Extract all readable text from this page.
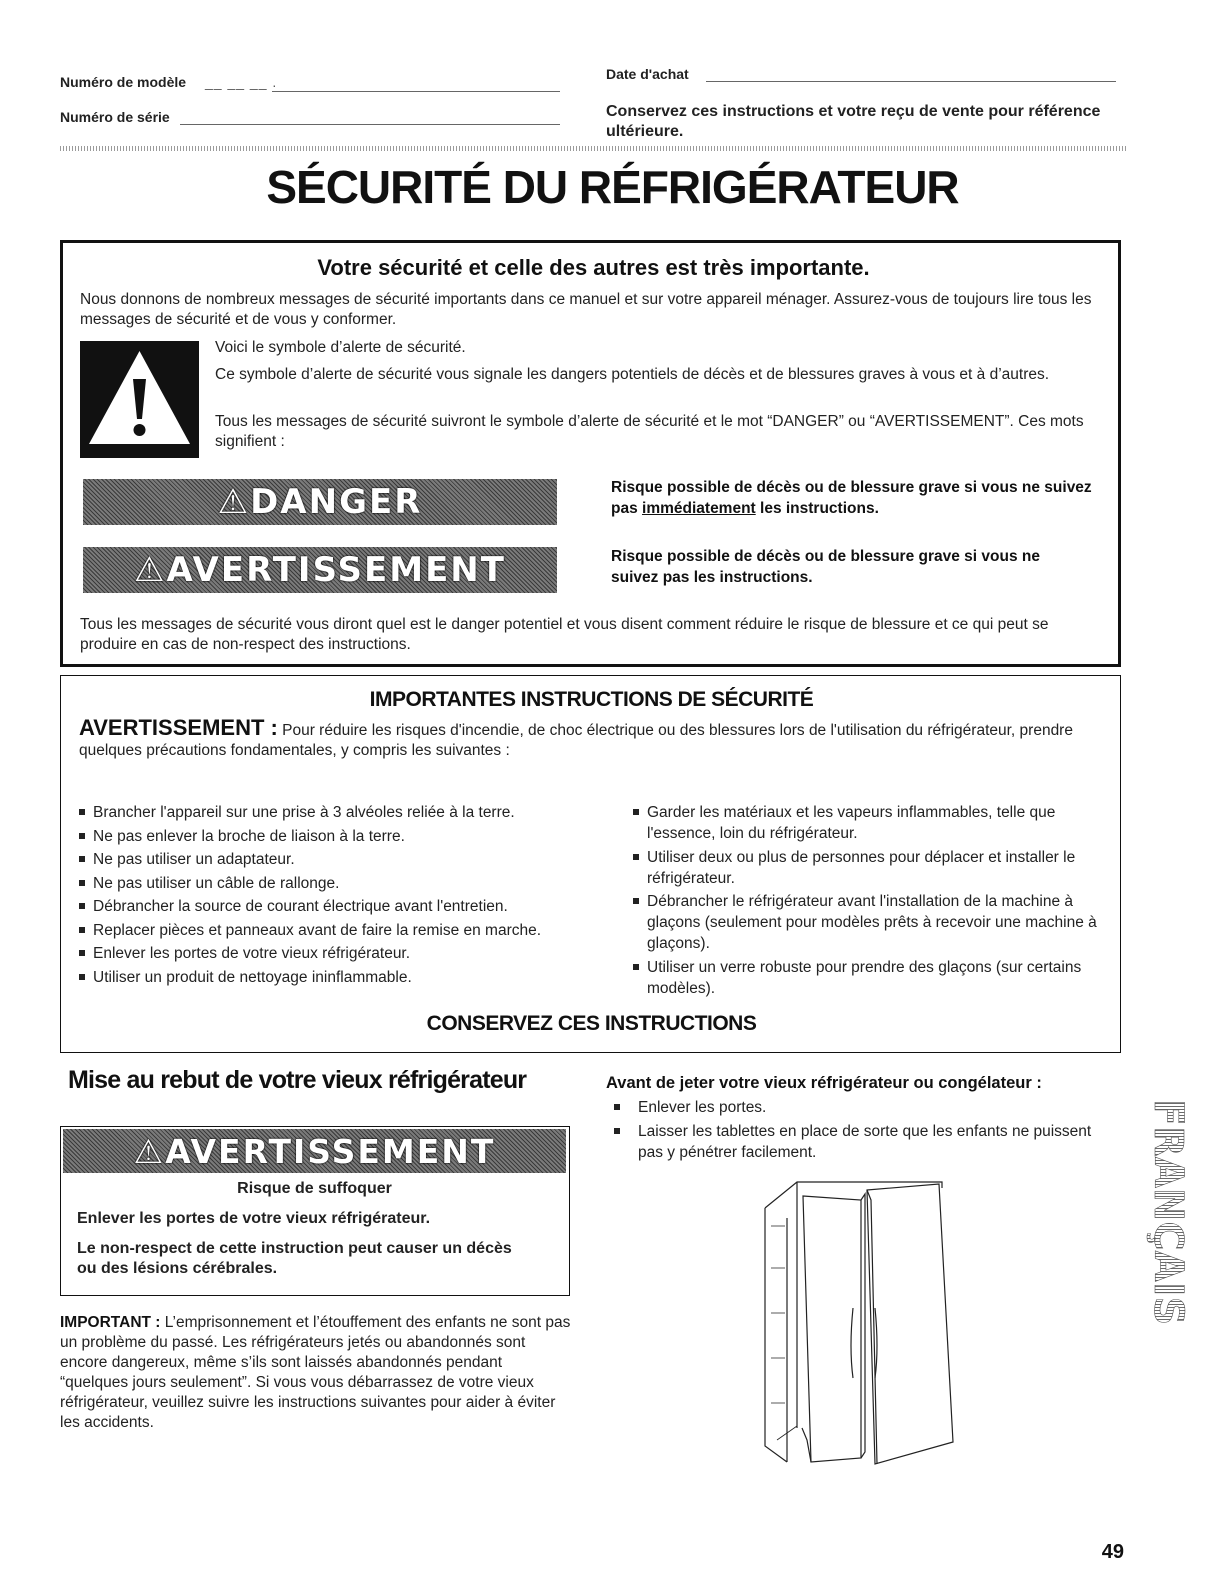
Numéro de modèle __ __ __ .
Numéro de série
Date d'achat
Conservez ces instructions et votre reçu de vente pour référence ultérieure.
SÉCURITÉ DU RÉFRIGÉRATEUR
Votre sécurité et celle des autres est très importante.
Nous donnons de nombreux messages de sécurité importants dans ce manuel et sur votre appareil ménager. Assurez-vous de toujours lire tous les messages de sécurité et de vous y conformer.
Voici le symbole d’alerte de sécurité.
Ce symbole d’alerte de sécurité vous signale les dangers potentiels de décès et de blessures graves à vous et à d’autres.
Tous les messages de sécurité suivront le symbole d’alerte de sécurité et le mot “DANGER” ou “AVERTISSEMENT”. Ces mots signifient :
⚠ DANGER	Risque possible de décès ou de blessure grave si vous ne suivez pas immédiatement les instructions.
⚠ AVERTISSEMENT	Risque possible de décès ou de blessure grave si vous ne suivez pas les instructions.
Tous les messages de sécurité vous diront quel est le danger potentiel et vous disent comment réduire le risque de blessure et ce qui peut se produire en cas de non-respect des instructions.
IMPORTANTES INSTRUCTIONS DE SÉCURITÉ
AVERTISSEMENT : Pour réduire les risques d'incendie, de choc électrique ou des blessures lors de l'utilisation du réfrigérateur, prendre quelques précautions fondamentales, y compris les suivantes :
Brancher l'appareil sur une prise à 3 alvéoles reliée à la terre.
Ne pas enlever la broche de liaison à la terre.
Ne pas utiliser un adaptateur.
Ne pas utiliser un câble de rallonge.
Débrancher la source de courant électrique avant l'entretien.
Replacer pièces et panneaux avant de faire la remise en marche.
Enlever les portes de votre vieux réfrigérateur.
Utiliser un produit de nettoyage ininflammable.
Garder les matériaux et les vapeurs inflammables, telle que l'essence, loin du réfrigérateur.
Utiliser deux ou plus de personnes pour déplacer et installer le réfrigérateur.
Débrancher le réfrigérateur avant l'installation de la machine à glaçons (seulement pour modèles prêts à recevoir une machine à glaçons).
Utiliser un verre robuste pour prendre des glaçons (sur certains modèles).
CONSERVEZ CES INSTRUCTIONS
Mise au rebut de votre vieux réfrigérateur
⚠ AVERTISSEMENT
Risque de suffoquer
Enlever les portes de votre vieux réfrigérateur.
Le non-respect de cette instruction peut causer un décès ou des lésions cérébrales.
IMPORTANT : L’emprisonnement et l’étouffement des enfants ne sont pas un problème du passé. Les réfrigérateurs jetés ou abandonnés sont encore dangereux, même s’ils sont laissés abandonnés pendant “quelques jours seulement”. Si vous vous débarrassez de votre vieux réfrigérateur, veuillez suivre les instructions suivantes pour aider à éviter les accidents.
Avant de jeter votre vieux réfrigérateur ou congélateur :
Enlever les portes.
Laisser les tablettes en place de sorte que les enfants ne puissent pas y pénétrer facilement.	FRANÇAIS
49
